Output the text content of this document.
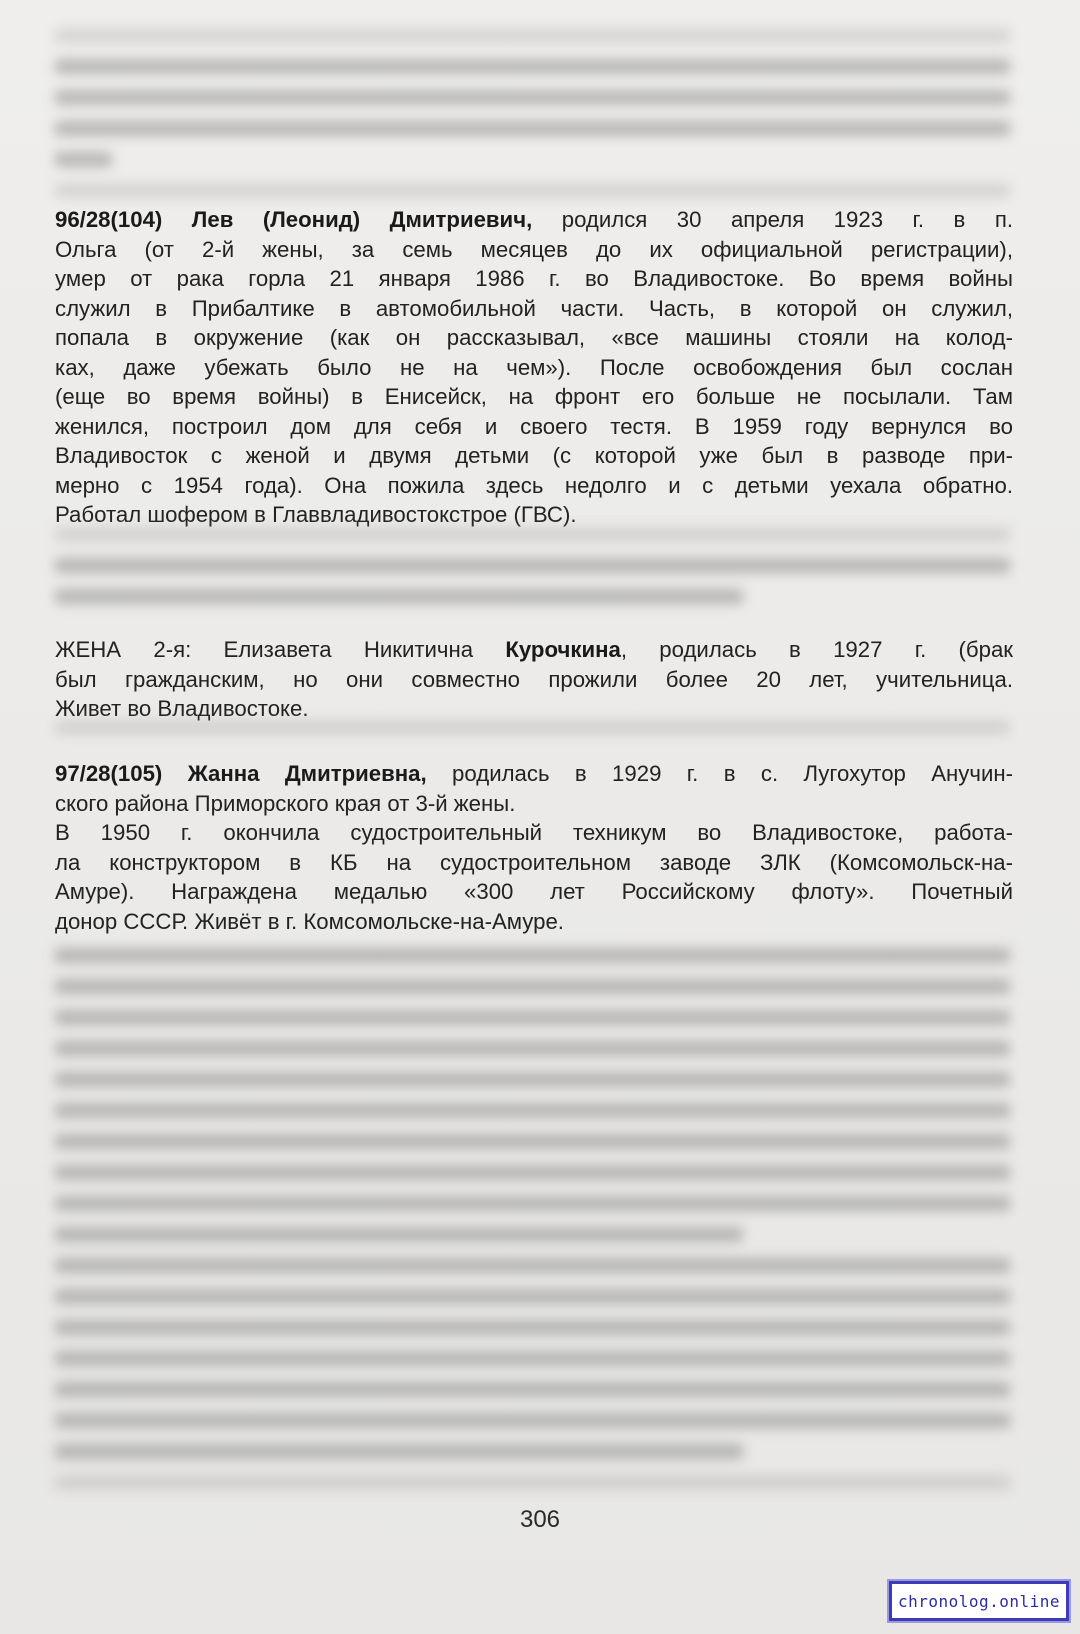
96/28(104) Лев (Леонид) Дмитриевич, родился 30 апреля 1923 г. в п.
Ольга (от 2-й жены, за семь месяцев до их официальной регистрации),
умер от рака горла 21 января 1986 г. во Владивостоке. Во время войны
служил в Прибалтике в автомобильной части. Часть, в которой он служил,
попала в окружение (как он рассказывал, «все машины стояли на колод-
ках, даже убежать было не на чем»). После освобождения был сослан
(еще во время войны) в Енисейск, на фронт его больше не посылали. Там
женился, построил дом для себя и своего тестя. В 1959 году вернулся во
Владивосток с женой и двумя детьми (с которой уже был в разводе при-
мерно с 1954 года). Она пожила здесь недолго и с детьми уехала обратно.
Работал шофером в Главвладивостокстрое (ГВС).

ЖЕНА 2-я: Елизавета Никитична Курочкина, родилась в 1927 г. (брак
был гражданским, но они совместно прожили более 20 лет, учительница.
Живет во Владивостоке.

97/28(105) Жанна Дмитриевна, родилась в 1929 г. в с. Лугохутор Анучин-
ского района Приморского края от 3-й жены.
В 1950 г. окончила судостроительный техникум во Владивостоке, работа-
ла конструктором в КБ на судостроительном заводе ЗЛК (Комсомольск-на-
Амуре). Награждена медалью «300 лет Российскому флоту». Почетный
донор СССР. Живёт в г. Комсомольске-на-Амуре.

306
chronolog.online
